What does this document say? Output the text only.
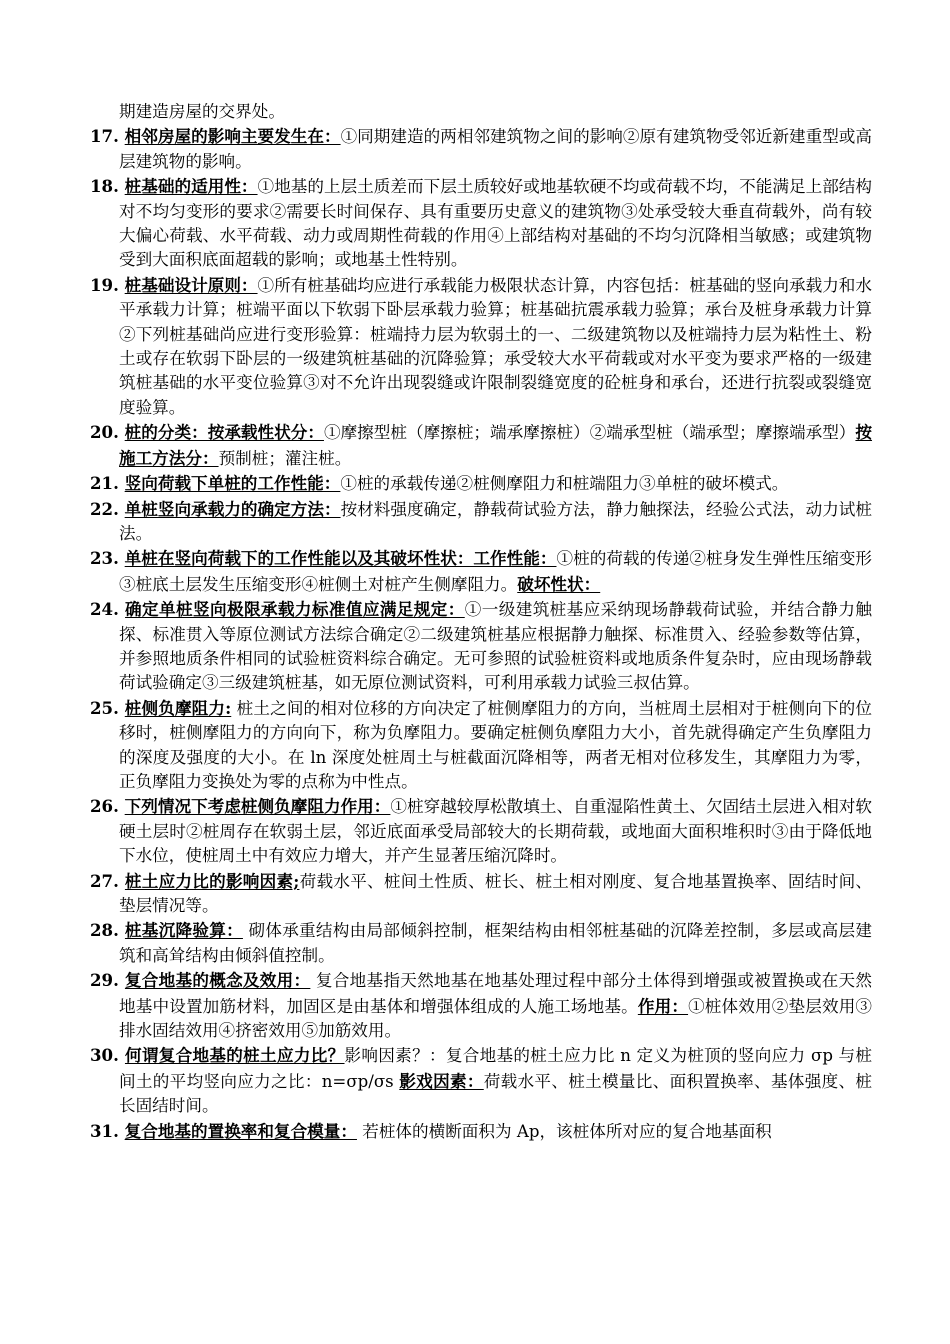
期建造房屋的交界处。

17. 相邻房屋的影响主要发生在：①同期建造的两相邻建筑物之间的影响②原有建筑物受邻近新建重型或高层建筑物的影响。

18. 桩基础的适用性：①地基的上层土质差而下层土质较好或地基软硬不均或荷载不均，不能满足上部结构对不均匀变形的要求②需要长时间保存、具有重要历史意义的建筑物③处承受较大垂直荷载外，尚有较大偏心荷载、水平荷载、动力或周期性荷载的作用④上部结构对基础的不均匀沉降相当敏感；或建筑物受到大面积底面超载的影响；或地基土性特别。

19. 桩基础设计原则：①所有桩基础均应进行承载能力极限状态计算，内容包括：桩基础的竖向承载力和水平承载力计算；桩端平面以下软弱下卧层承载力验算；桩基础抗震承载力验算；承台及桩身承载力计算②下列桩基础尚应进行变形验算：桩端持力层为软弱土的一、二级建筑物以及桩端持力层为粘性土、粉土或存在软弱下卧层的一级建筑桩基础的沉降验算；承受较大水平荷载或对水平变为要求严格的一级建筑桩基础的水平变位验算③对不允许出现裂缝或许限制裂缝宽度的砼桩身和承台，还进行抗裂或裂缝宽度验算。

20. 桩的分类：按承载性状分：①摩擦型桩（摩擦桩；端承摩擦桩）②端承型桩（端承型；摩擦端承型）按施工方法分：预制桩；灌注桩。

21. 竖向荷载下单桩的工作性能：①桩的承载传递②桩侧摩阻力和桩端阻力③单桩的破坏模式。

22. 单桩竖向承载力的确定方法：按材料强度确定，静载荷试验方法，静力触探法，经验公式法，动力试桩法。

23. 单桩在竖向荷载下的工作性能以及其破坏性状：工作性能：①桩的荷载的传递②桩身发生弹性压缩变形③桩底土层发生压缩变形④桩侧土对桩产生侧摩阻力。破坏性状：

24. 确定单桩竖向极限承载力标准值应满足规定：①一级建筑桩基应采纳现场静载荷试验，并结合静力触探、标准贯入等原位测试方法综合确定②二级建筑桩基应根据静力触探、标准贯入、经验参数等估算，并参照地质条件相同的试验桩资料综合确定。无可参照的试验桩资料或地质条件复杂时，应由现场静载荷试验确定③三级建筑桩基，如无原位测试资料，可利用承载力试验三叔估算。

25. 桩侧负摩阻力: 桩土之间的相对位移的方向决定了桩侧摩阻力的方向，当桩周土层相对于桩侧向下的位移时，桩侧摩阻力的方向向下，称为负摩阻力。要确定桩侧负摩阻力大小，首先就得确定产生负摩阻力的深度及强度的大小。在 ln 深度处桩周土与桩截面沉降相等，两者无相对位移发生，其摩阻力为零，正负摩阻力变换处为零的点称为中性点。

26. 下列情况下考虑桩侧负摩阻力作用：①桩穿越较厚松散填土、自重湿陷性黄土、欠固结土层进入相对软硬土层时②桩周存在软弱土层，邻近底面承受局部较大的长期荷载，或地面大面积堆积时③由于降低地下水位，使桩周土中有效应力增大，并产生显著压缩沉降时。

27. 桩土应力比的影响因素;荷载水平、桩间土性质、桩长、桩土相对刚度、复合地基置换率、固结时间、垫层情况等。

28. 桩基沉降验算： 砌体承重结构由局部倾斜控制，框架结构由相邻桩基础的沉降差控制，多层或高层建筑和高耸结构由倾斜值控制。

29. 复合地基的概念及效用： 复合地基指天然地基在地基处理过程中部分土体得到增强或被置换或在天然地基中设置加筋材料，加固区是由基体和增强体组成的人施工场地基。作用：①桩体效用②垫层效用③排水固结效用④挤密效用⑤加筋效用。

30. 何谓复合地基的桩土应力比？影响因素？：复合地基的桩土应力比 n 定义为桩顶的竖向应力 σp 与桩间土的平均竖向应力之比：n=σp/σs 影戏因素：荷载水平、桩土模量比、面积置换率、基体强度、桩长固结时间。

31. 复合地基的置换率和复合模量： 若桩体的横断面积为 Ap，该桩体所对应的复合地基面积
